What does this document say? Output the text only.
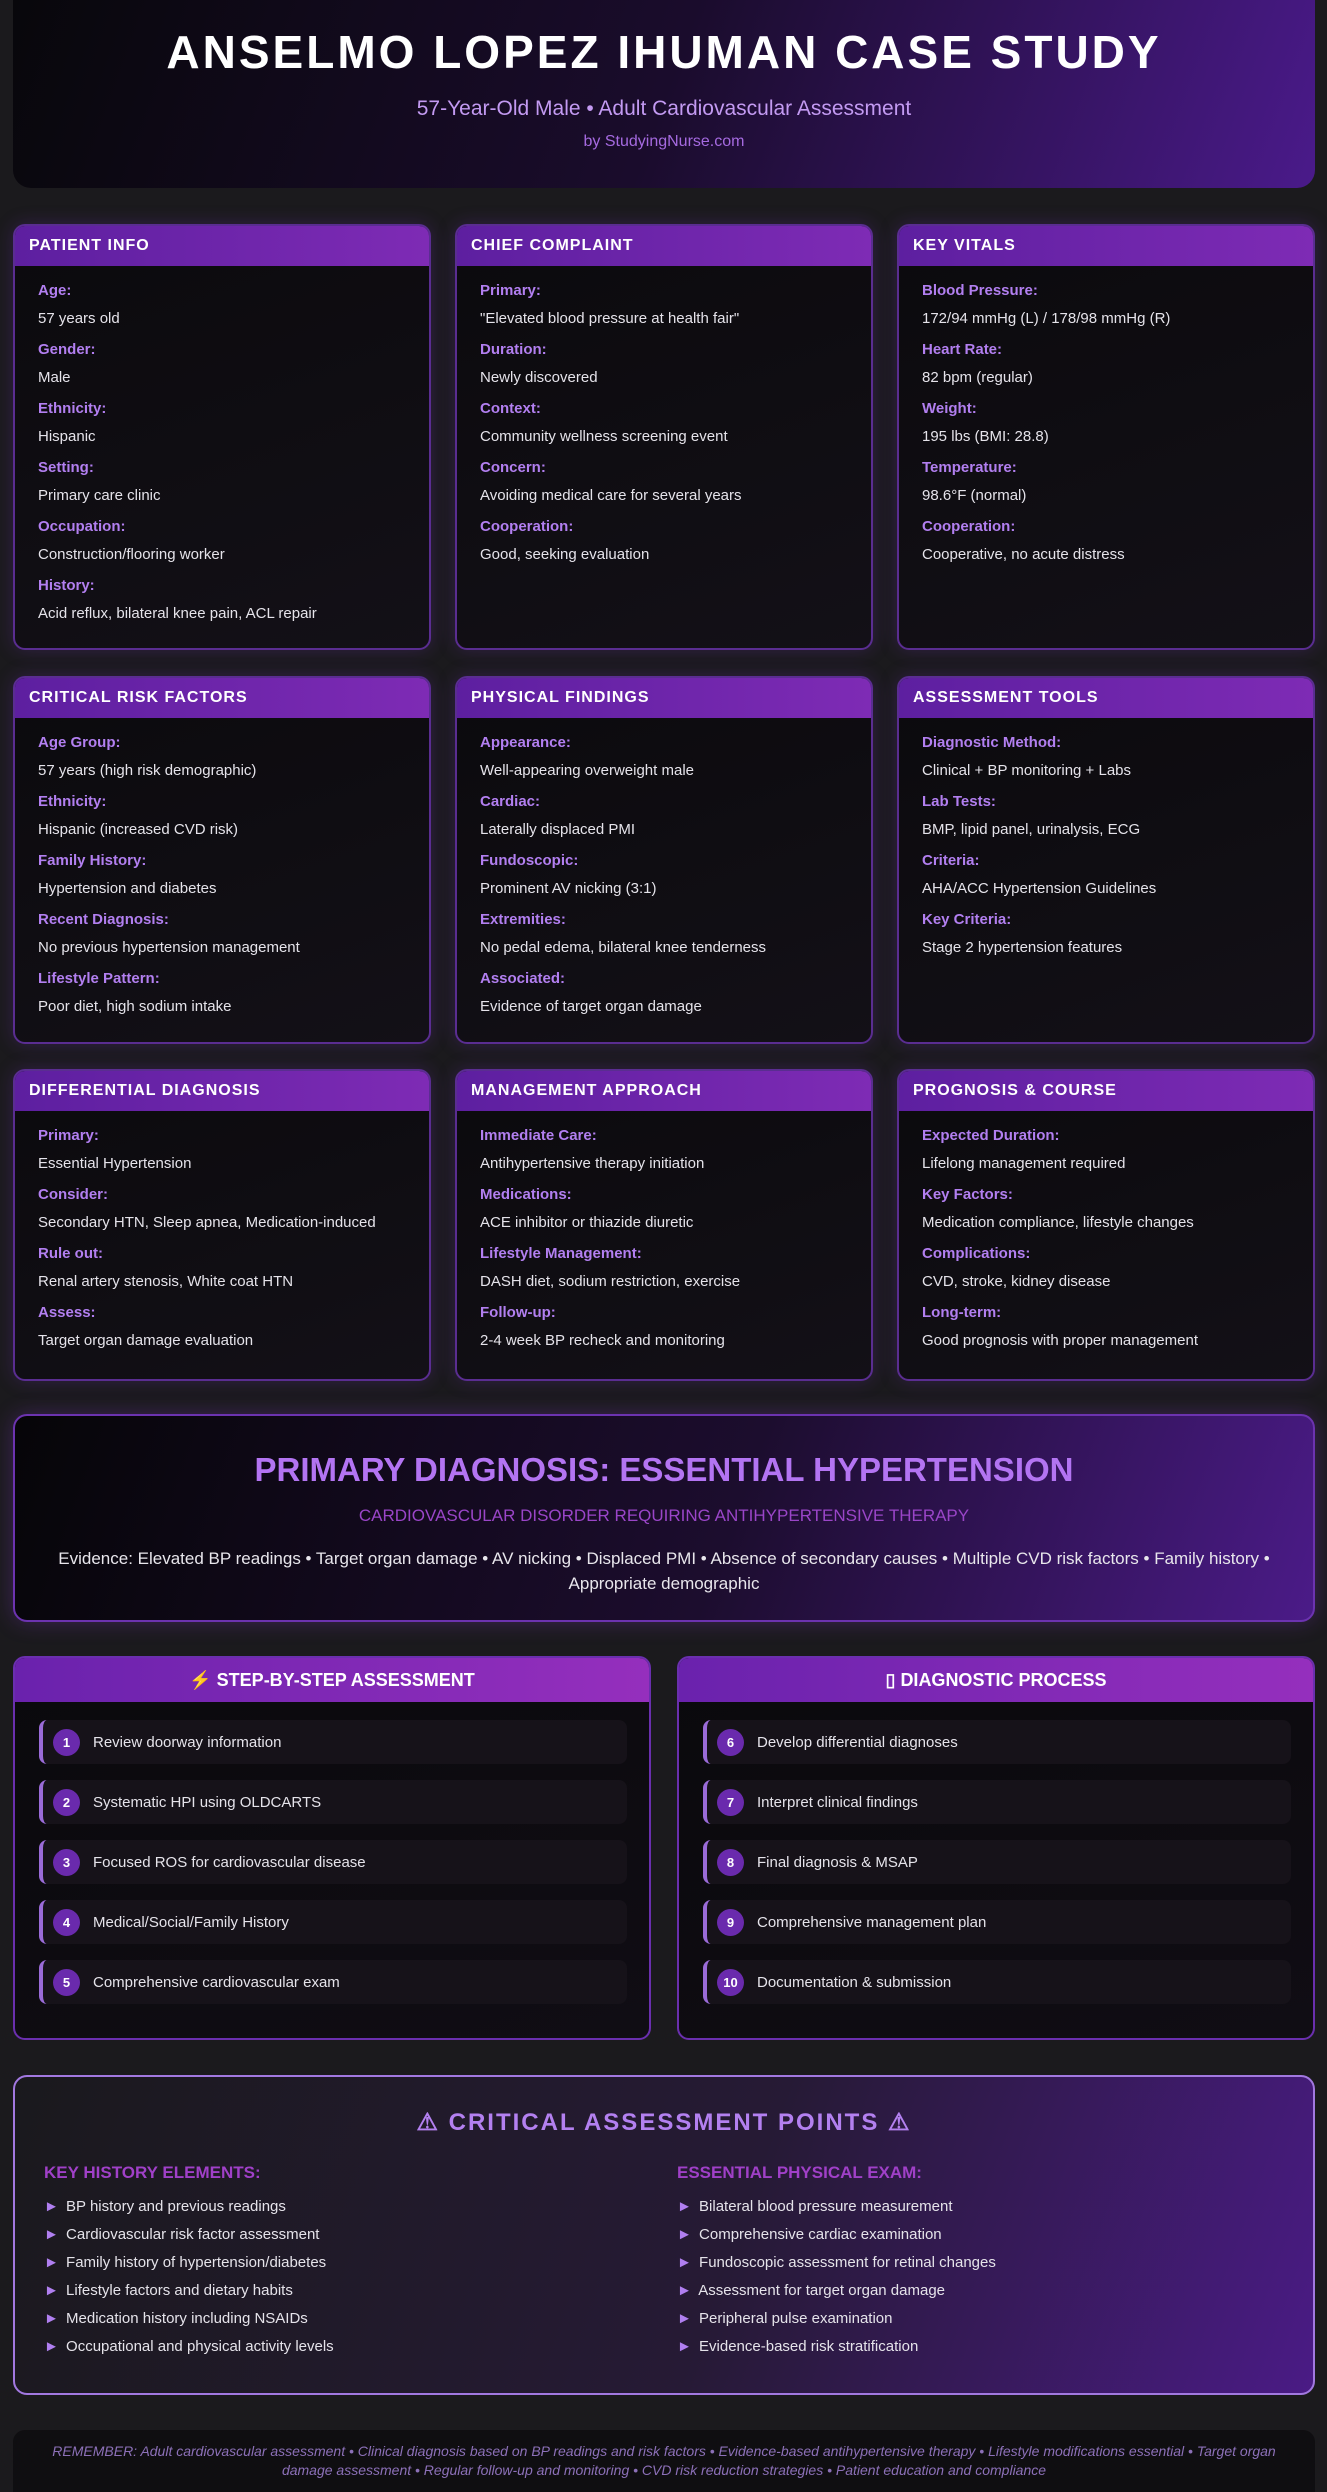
ANSELMO LOPEZ IHUMAN CASE STUDY
57-Year-Old Male • Adult Cardiovascular Assessment
by StudyingNurse.com
PATIENT INFO
Age:
57 years old
Gender:
Male
Ethnicity:
Hispanic
Setting:
Primary care clinic
Occupation:
Construction/flooring worker
History:
Acid reflux, bilateral knee pain, ACL repair
CHIEF COMPLAINT
Primary:
"Elevated blood pressure at health fair"
Duration:
Newly discovered
Context:
Community wellness screening event
Concern:
Avoiding medical care for several years
Cooperation:
Good, seeking evaluation
KEY VITALS
Blood Pressure:
172/94 mmHg (L) / 178/98 mmHg (R)
Heart Rate:
82 bpm (regular)
Weight:
195 lbs (BMI: 28.8)
Temperature:
98.6°F (normal)
Cooperation:
Cooperative, no acute distress
CRITICAL RISK FACTORS
Age Group:
57 years (high risk demographic)
Ethnicity:
Hispanic (increased CVD risk)
Family History:
Hypertension and diabetes
Recent Diagnosis:
No previous hypertension management
Lifestyle Pattern:
Poor diet, high sodium intake
PHYSICAL FINDINGS
Appearance:
Well-appearing overweight male
Cardiac:
Laterally displaced PMI
Fundoscopic:
Prominent AV nicking (3:1)
Extremities:
No pedal edema, bilateral knee tenderness
Associated:
Evidence of target organ damage
ASSESSMENT TOOLS
Diagnostic Method:
Clinical + BP monitoring + Labs
Lab Tests:
BMP, lipid panel, urinalysis, ECG
Criteria:
AHA/ACC Hypertension Guidelines
Key Criteria:
Stage 2 hypertension features
DIFFERENTIAL DIAGNOSIS
Primary:
Essential Hypertension
Consider:
Secondary HTN, Sleep apnea, Medication-induced
Rule out:
Renal artery stenosis, White coat HTN
Assess:
Target organ damage evaluation
MANAGEMENT APPROACH
Immediate Care:
Antihypertensive therapy initiation
Medications:
ACE inhibitor or thiazide diuretic
Lifestyle Management:
DASH diet, sodium restriction, exercise
Follow-up:
2-4 week BP recheck and monitoring
PROGNOSIS & COURSE
Expected Duration:
Lifelong management required
Key Factors:
Medication compliance, lifestyle changes
Complications:
CVD, stroke, kidney disease
Long-term:
Good prognosis with proper management
PRIMARY DIAGNOSIS: ESSENTIAL HYPERTENSION
CARDIOVASCULAR DISORDER REQUIRING ANTIHYPERTENSIVE THERAPY
Evidence: Elevated BP readings • Target organ damage • AV nicking • Displaced PMI • Absence of secondary causes • Multiple CVD risk factors • Family history • Appropriate demographic
⚡ STEP-BY-STEP ASSESSMENT
1	Review doorway information
2	Systematic HPI using OLDCARTS
3	Focused ROS for cardiovascular disease
4	Medical/Social/Family History
5	Comprehensive cardiovascular exam
▯ DIAGNOSTIC PROCESS
6	Develop differential diagnoses
7	Interpret clinical findings
8	Final diagnosis & MSAP
9	Comprehensive management plan
10	Documentation & submission
⚠ CRITICAL ASSESSMENT POINTS ⚠
KEY HISTORY ELEMENTS:
► BP history and previous readings
► Cardiovascular risk factor assessment
► Family history of hypertension/diabetes
► Lifestyle factors and dietary habits
► Medication history including NSAIDs
► Occupational and physical activity levels
ESSENTIAL PHYSICAL EXAM:
► Bilateral blood pressure measurement
► Comprehensive cardiac examination
► Fundoscopic assessment for retinal changes
► Assessment for target organ damage
► Peripheral pulse examination
► Evidence-based risk stratification
REMEMBER: Adult cardiovascular assessment • Clinical diagnosis based on BP readings and risk factors • Evidence-based antihypertensive therapy • Lifestyle modifications essential • Target organ damage assessment • Regular follow-up and monitoring • CVD risk reduction strategies • Patient education and compliance
